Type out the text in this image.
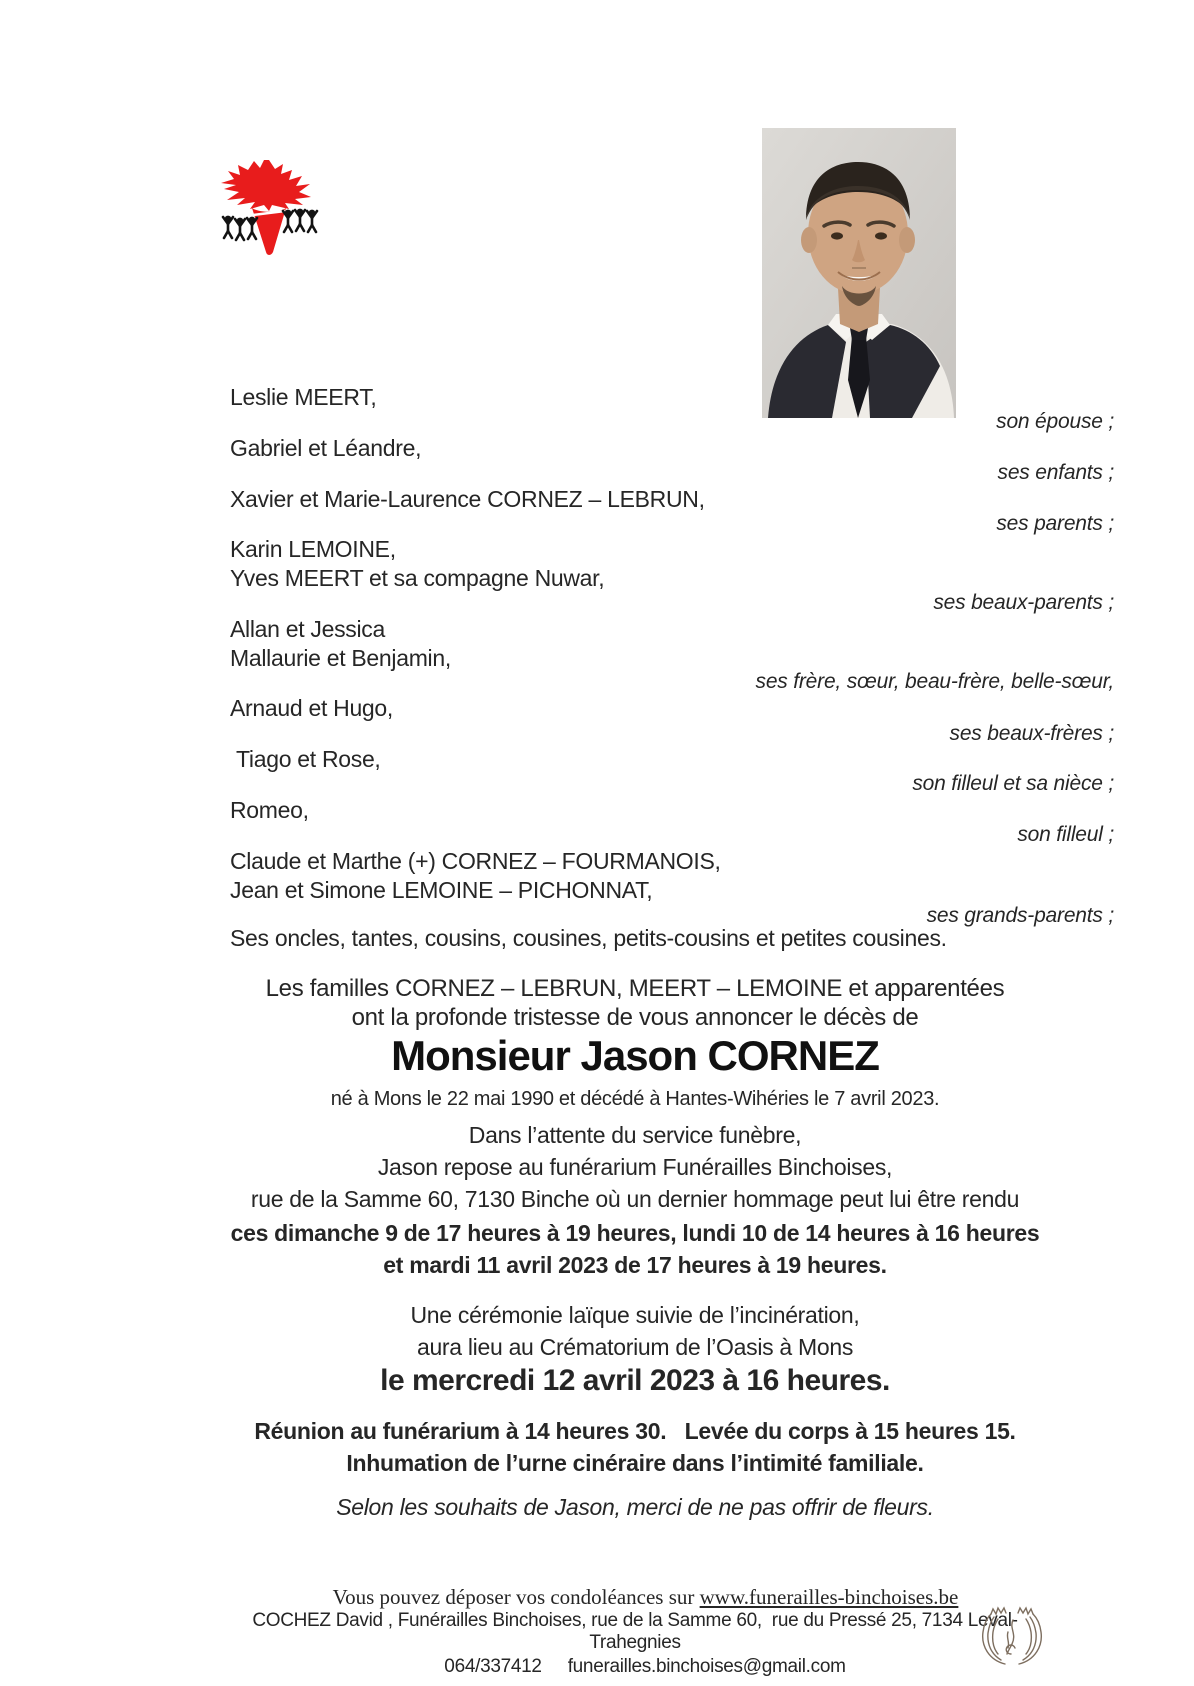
Leslie MEERT,
Gabriel et Léandre,
Xavier et Marie-Laurence CORNEZ – LEBRUN,
Karin LEMOINE,
Yves MEERT et sa compagne Nuwar,
Allan et Jessica
Mallaurie et Benjamin,
Arnaud et Hugo,
Tiago et Rose,
Romeo,
Claude et Marthe (+) CORNEZ – FOURMANOIS,
Jean et Simone LEMOINE – PICHONNAT,
Ses oncles, tantes, cousins, cousines, petits-cousins et petites cousines.
son épouse ;
ses enfants ;
ses parents ;
ses beaux-parents ;
ses frère, sœur, beau-frère, belle-sœur,
ses beaux-frères ;
son filleul et sa nièce ;
son filleul ;
ses grands-parents ;
Les familles CORNEZ – LEBRUN, MEERT – LEMOINE et apparentées
ont la profonde tristesse de vous annoncer le décès de
Monsieur Jason CORNEZ
né à Mons le 22 mai 1990 et décédé à Hantes-Wihéries le 7 avril 2023.
Dans l’attente du service funèbre,
Jason repose au funérarium Funérailles Binchoises,
rue de la Samme 60, 7130 Binche où un dernier hommage peut lui être rendu
ces dimanche 9 de 17 heures à 19 heures, lundi 10 de 14 heures à 16 heures
et mardi 11 avril 2023 de 17 heures à 19 heures.
Une cérémonie laïque suivie de l’incinération,
aura lieu au Crématorium de l’Oasis à Mons
le mercredi 12 avril 2023 à 16 heures.
Réunion au funérarium à 14 heures 30.   Levée du corps à 15 heures 15.
Inhumation de l’urne cinéraire dans l’intimité familiale.
Selon les souhaits de Jason, merci de ne pas offrir de fleurs.

Vous pouvez déposer vos condoléances sur www.funerailles-binchoises.be

COCHEZ David , Funérailles Binchoises, rue de la Samme 60,  rue du Pressé 25, 7134 Leval-Trahegnies

064/337412 funerailles.binchoises@gmail.com
